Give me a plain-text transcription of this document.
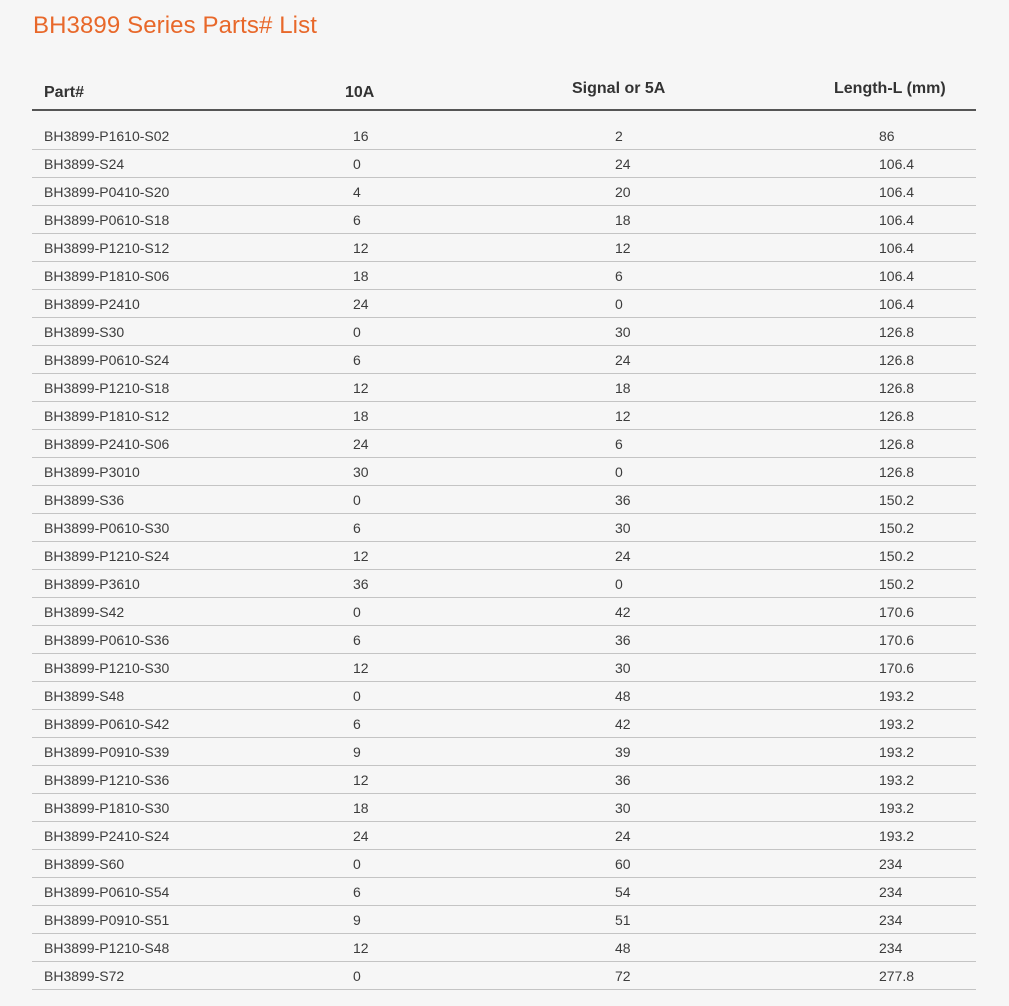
BH3899 Series Parts# List
Part#	10A	Signal or 5A	Length-L (mm)
BH3899-P1610-S02	16	2	86
BH3899-S24	0	24	106.4
BH3899-P0410-S20	4	20	106.4
BH3899-P0610-S18	6	18	106.4
BH3899-P1210-S12	12	12	106.4
BH3899-P1810-S06	18	6	106.4
BH3899-P2410	24	0	106.4
BH3899-S30	0	30	126.8
BH3899-P0610-S24	6	24	126.8
BH3899-P1210-S18	12	18	126.8
BH3899-P1810-S12	18	12	126.8
BH3899-P2410-S06	24	6	126.8
BH3899-P3010	30	0	126.8
BH3899-S36	0	36	150.2
BH3899-P0610-S30	6	30	150.2
BH3899-P1210-S24	12	24	150.2
BH3899-P3610	36	0	150.2
BH3899-S42	0	42	170.6
BH3899-P0610-S36	6	36	170.6
BH3899-P1210-S30	12	30	170.6
BH3899-S48	0	48	193.2
BH3899-P0610-S42	6	42	193.2
BH3899-P0910-S39	9	39	193.2
BH3899-P1210-S36	12	36	193.2
BH3899-P1810-S30	18	30	193.2
BH3899-P2410-S24	24	24	193.2
BH3899-S60	0	60	234
BH3899-P0610-S54	6	54	234
BH3899-P0910-S51	9	51	234
BH3899-P1210-S48	12	48	234
BH3899-S72	0	72	277.8
